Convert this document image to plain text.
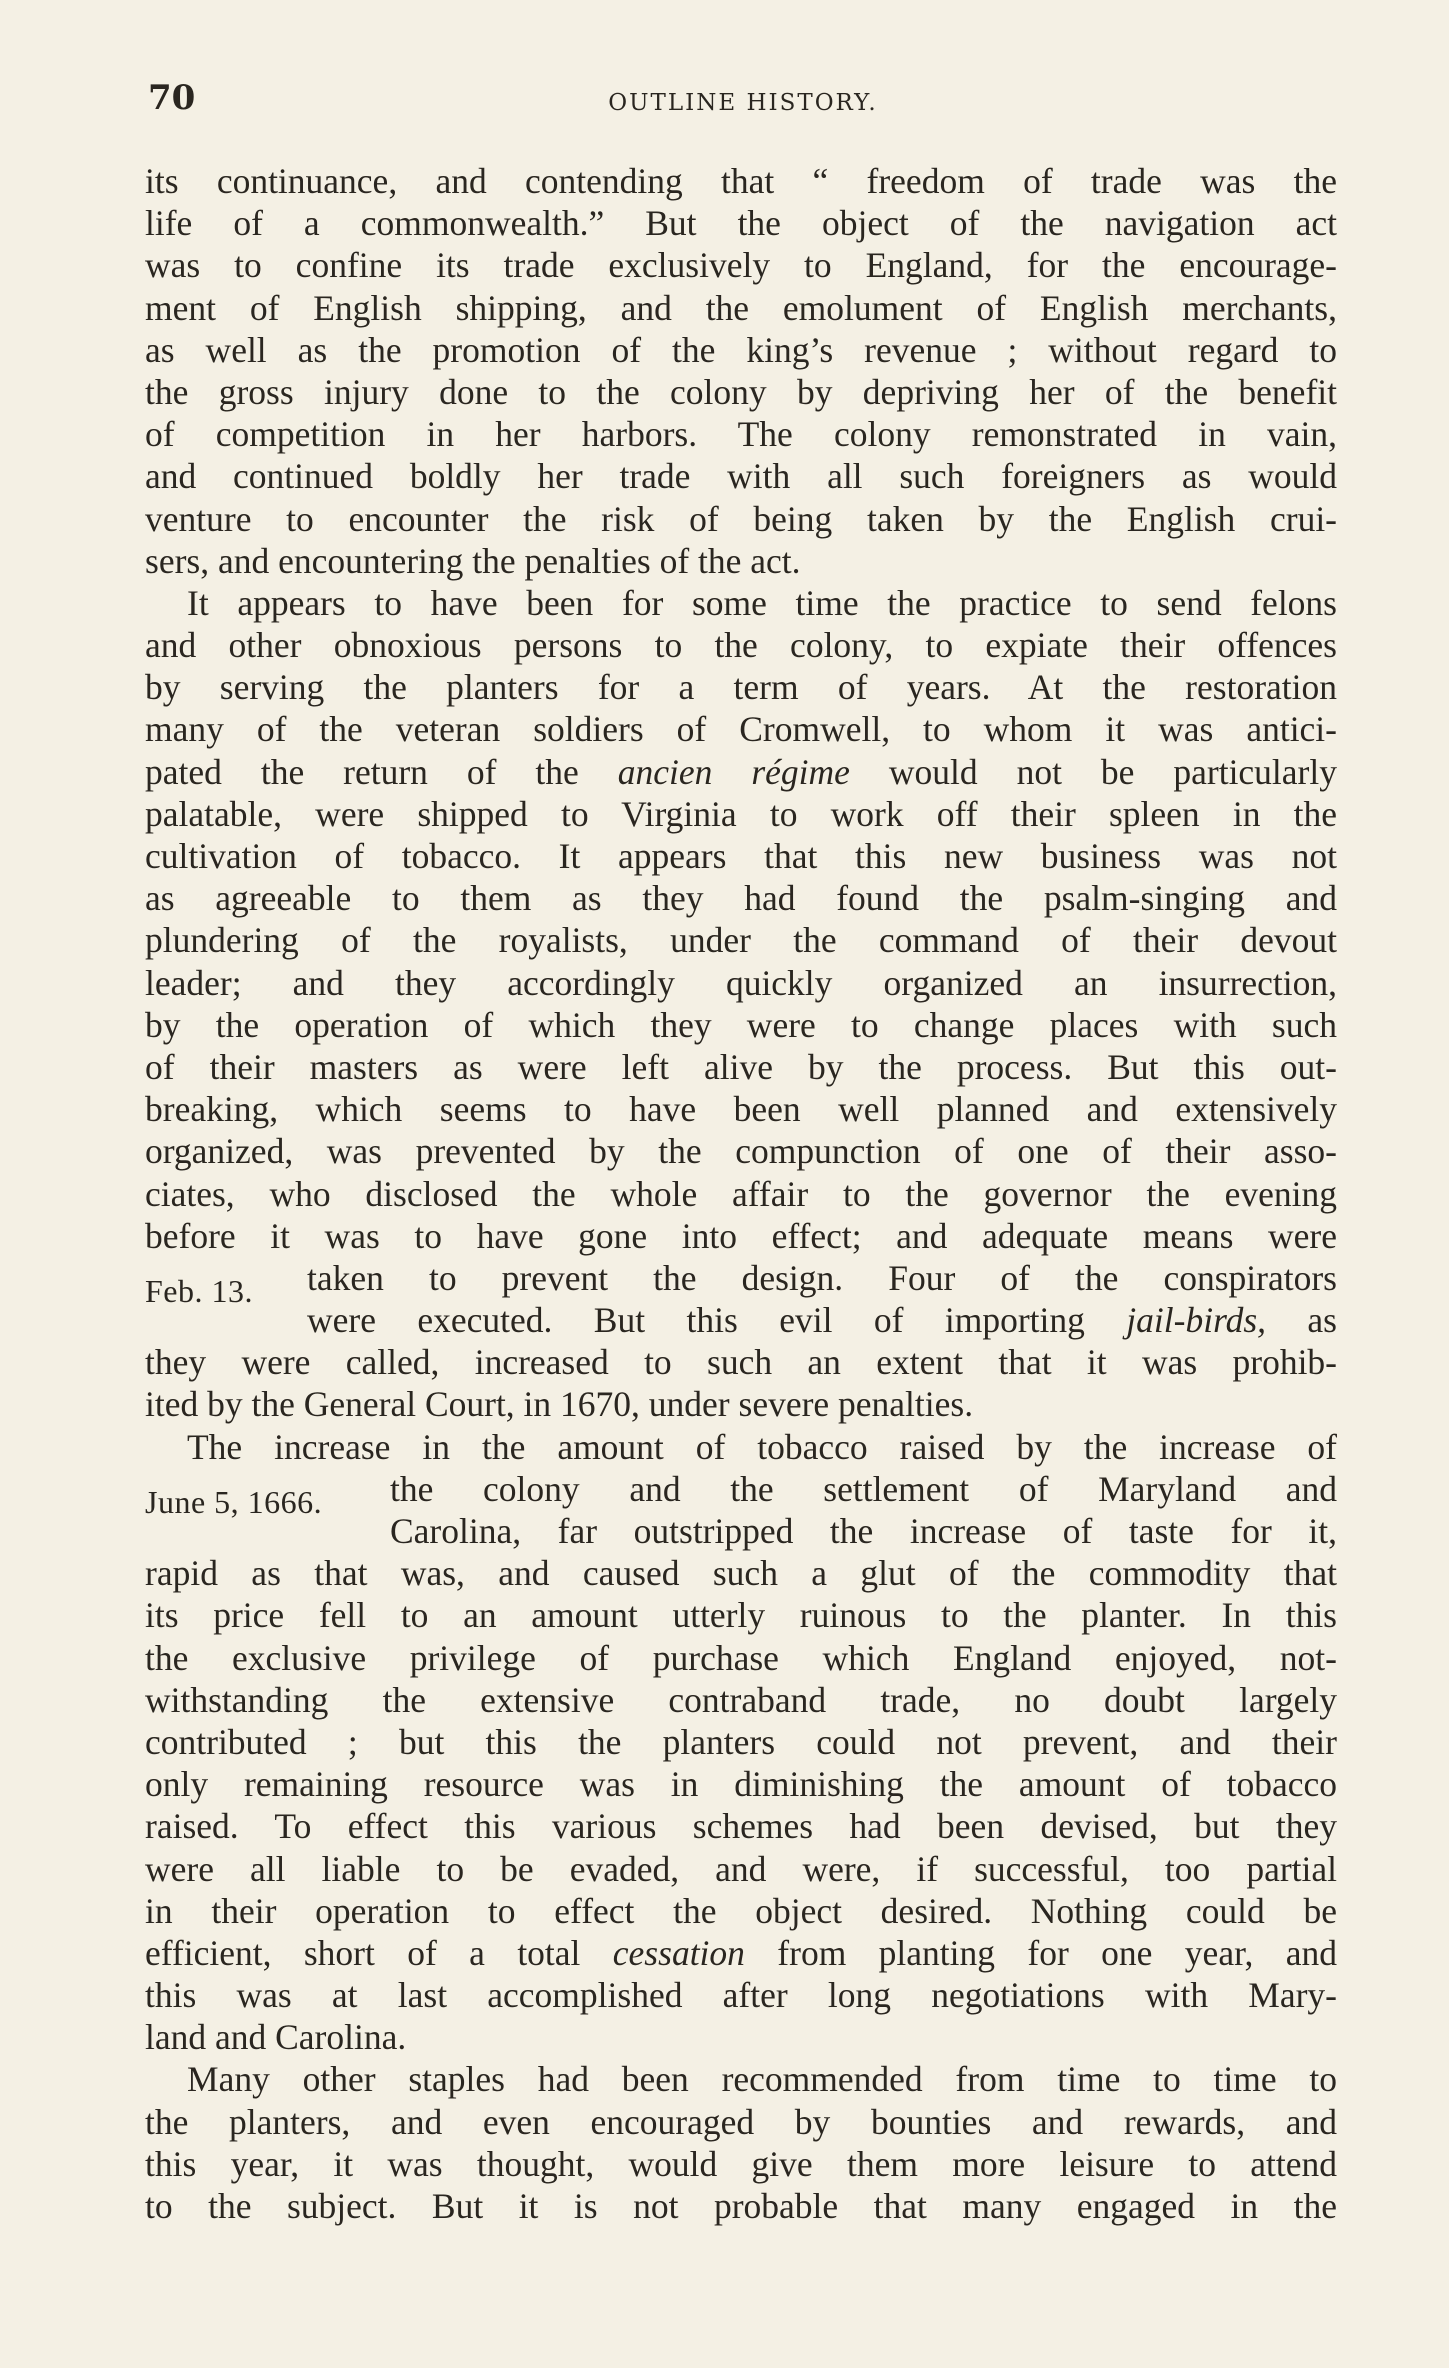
70	OUTLINE HISTORY.
its continuance, and contending that “ freedom of trade was the
life of a commonwealth.” But the object of the navigation act
was to confine its trade exclusively to England, for the encourage-
ment of English shipping, and the emolument of English merchants,
as well as the promotion of the king’s revenue ; without regard to
the gross injury done to the colony by depriving her of the benefit
of competition in her harbors. The colony remonstrated in vain,
and continued boldly her trade with all such foreigners as would
venture to encounter the risk of being taken by the English crui-
sers, and encountering the penalties of the act.
It appears to have been for some time the practice to send felons
and other obnoxious persons to the colony, to expiate their offences
by serving the planters for a term of years. At the restoration
many of the veteran soldiers of Cromwell, to whom it was antici-
pated the return of the ancien régime would not be particularly
palatable, were shipped to Virginia to work off their spleen in the
cultivation of tobacco. It appears that this new business was not
as agreeable to them as they had found the psalm-singing and
plundering of the royalists, under the command of their devout
leader; and they accordingly quickly organized an insurrection,
by the operation of which they were to change places with such
of their masters as were left alive by the process. But this out-
breaking, which seems to have been well planned and extensively
organized, was prevented by the compunction of one of their asso-
ciates, who disclosed the whole affair to the governor the evening
before it was to have gone into effect; and adequate means were
Feb. 13. taken to prevent the design. Four of the conspirators
were executed. But this evil of importing jail-birds, as
they were called, increased to such an extent that it was prohib-
ited by the General Court, in 1670, under severe penalties.
The increase in the amount of tobacco raised by the increase of
June 5, 1666. the colony and the settlement of Maryland and
Carolina, far outstripped the increase of taste for it,
rapid as that was, and caused such a glut of the commodity that
its price fell to an amount utterly ruinous to the planter. In this
the exclusive privilege of purchase which England enjoyed, not-
withstanding the extensive contraband trade, no doubt largely
contributed ; but this the planters could not prevent, and their
only remaining resource was in diminishing the amount of tobacco
raised. To effect this various schemes had been devised, but they
were all liable to be evaded, and were, if successful, too partial
in their operation to effect the object desired. Nothing could be
efficient, short of a total cessation from planting for one year, and
this was at last accomplished after long negotiations with Mary-
land and Carolina.
Many other staples had been recommended from time to time to
the planters, and even encouraged by bounties and rewards, and
this year, it was thought, would give them more leisure to attend
to the subject. But it is not probable that many engaged in the
